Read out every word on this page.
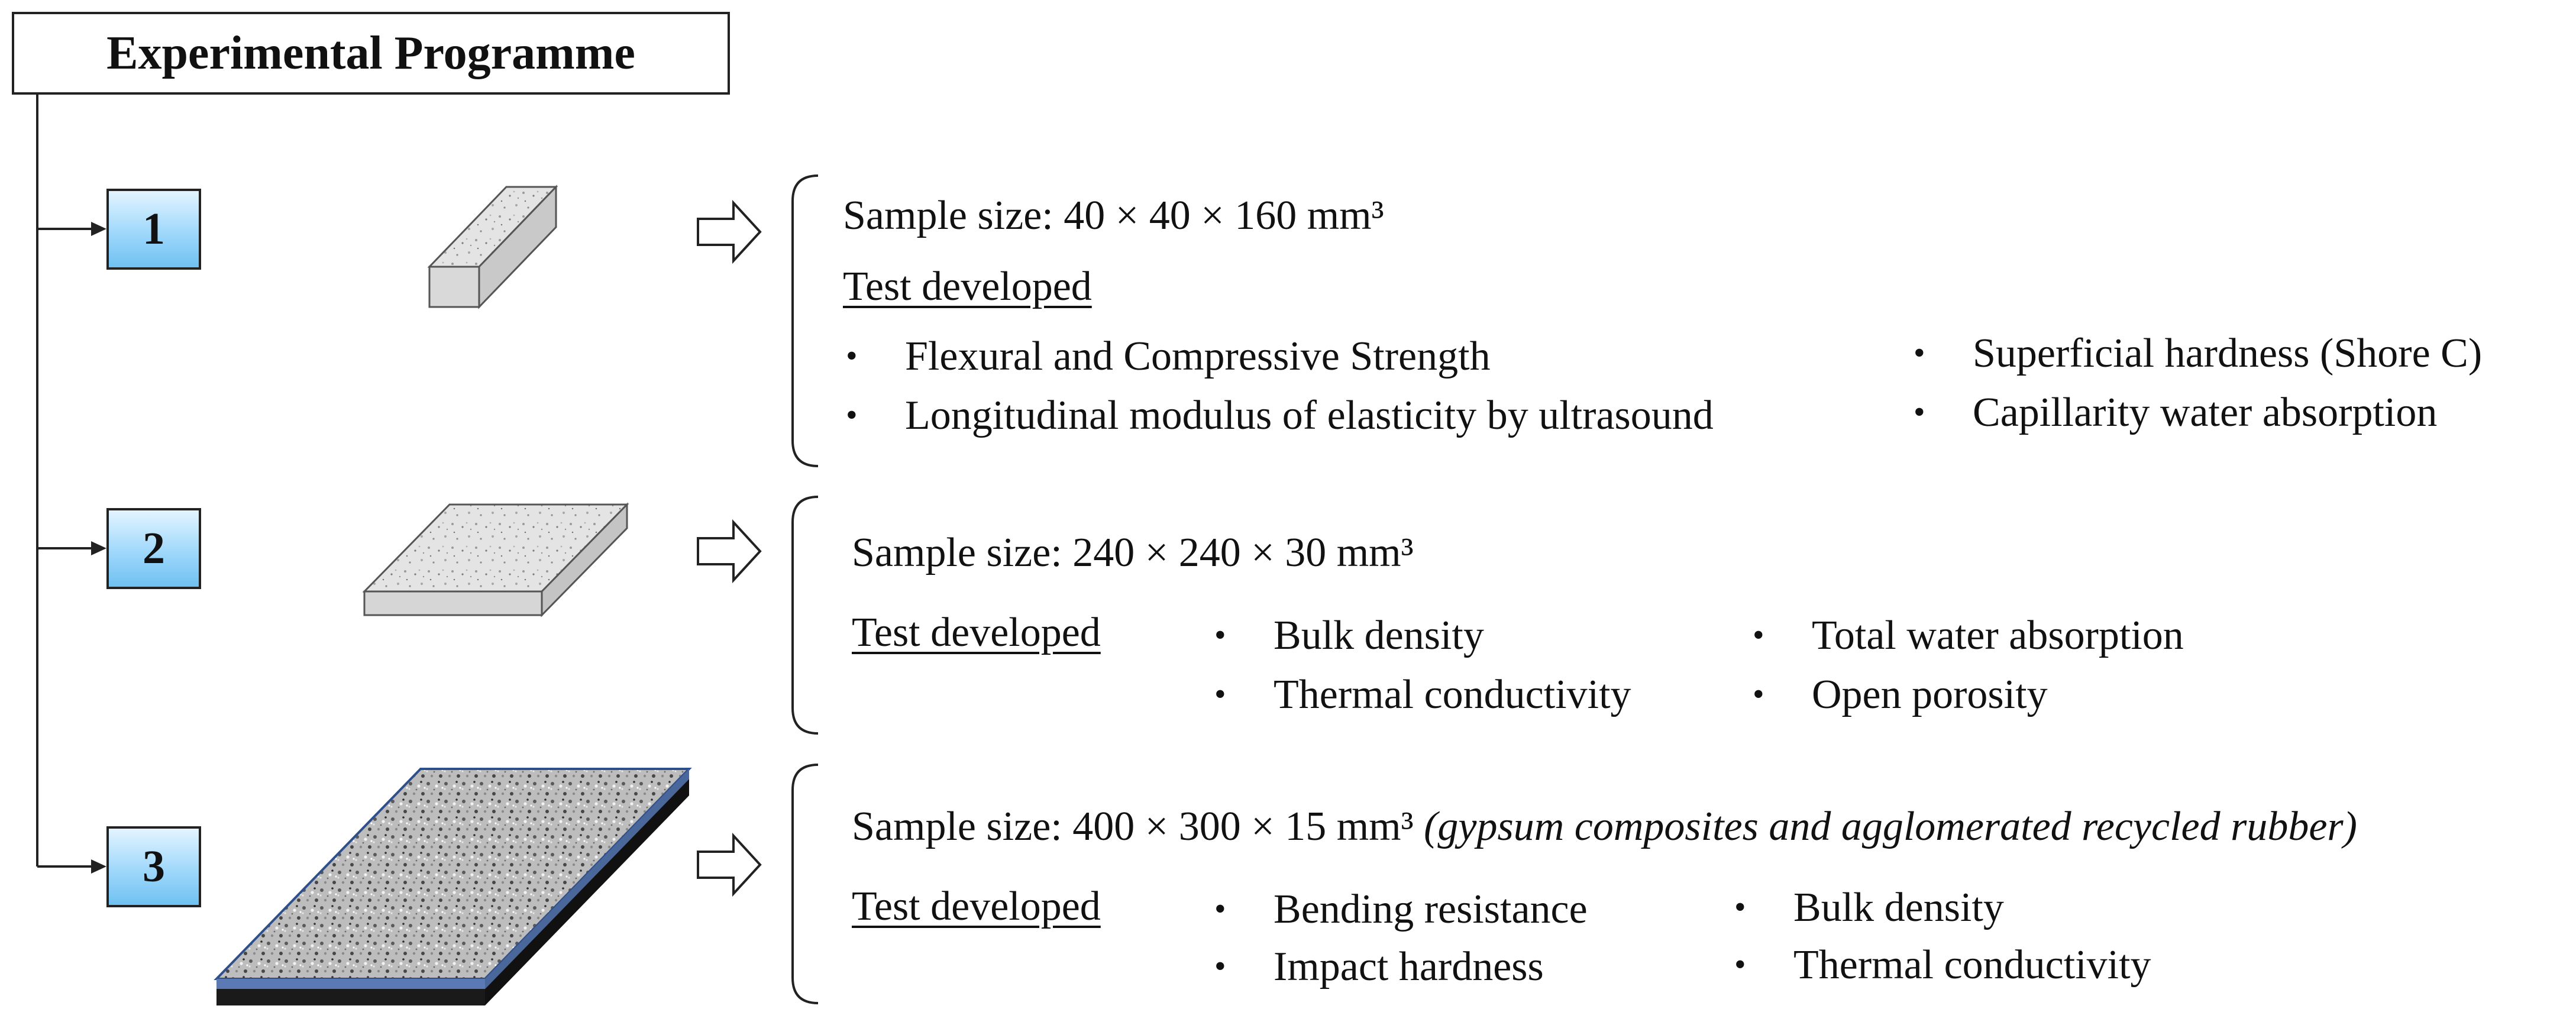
Experimental Programme
1
2
3
Sample size: 40 × 40 × 160 mm³
Test developed
• Flexural and Compressive Strength
• Longitudinal modulus of elasticity by ultrasound
• Superficial hardness (Shore C)
• Capillarity water absorption
Sample size: 240 × 240 × 30 mm³
Test developed	• Bulk density
• Thermal conductivity
• Total water absorption
• Open porosity
Sample size: 400 × 300 × 15 mm³ (gypsum composites and agglomerated recycled rubber)
Test developed	• Bending resistance
• Impact hardness
• Bulk density
• Thermal conductivity
